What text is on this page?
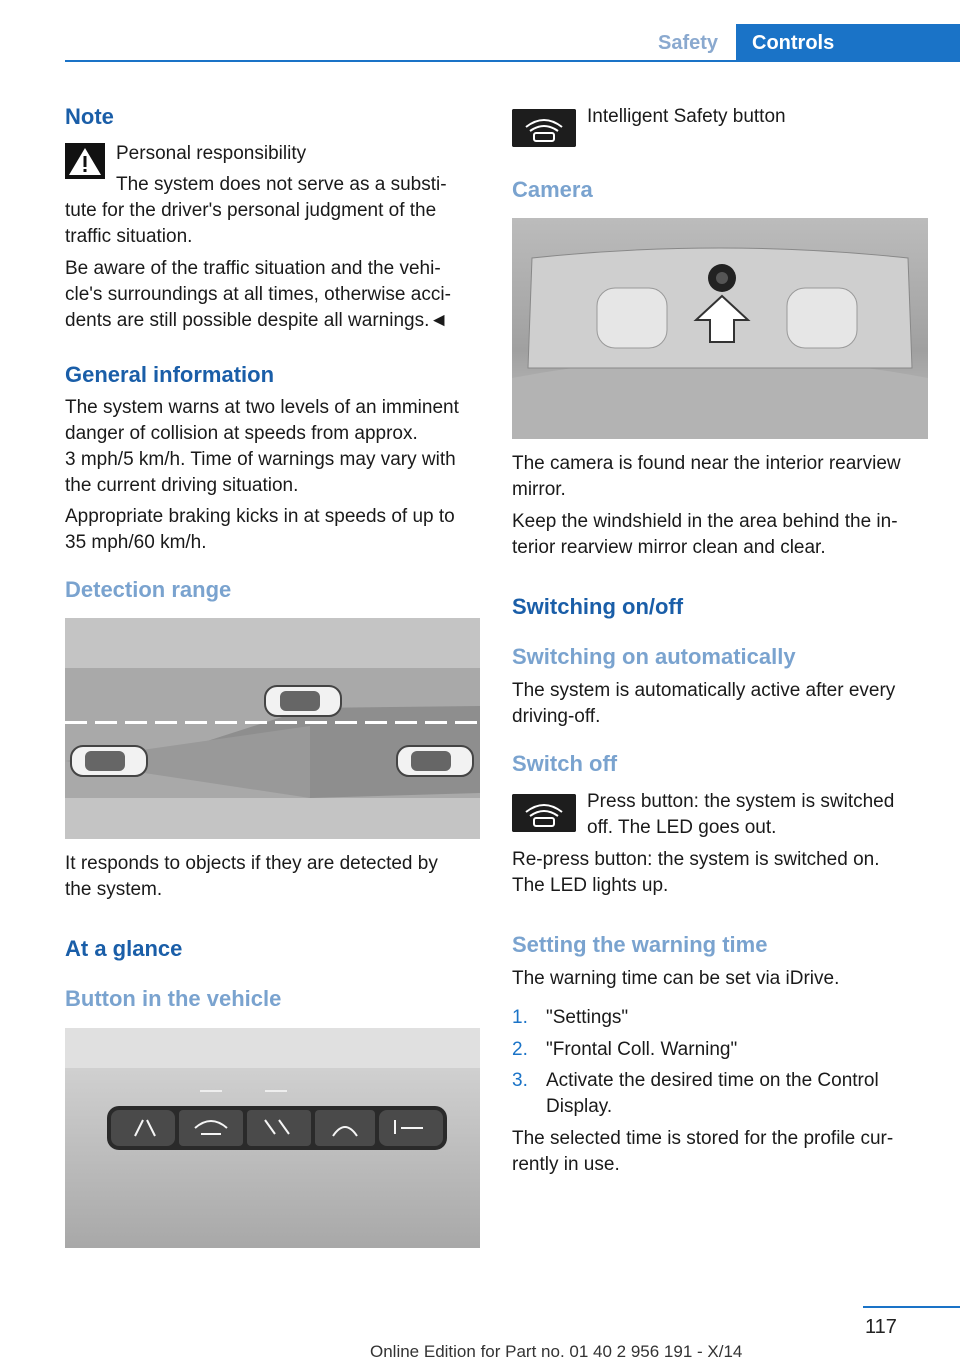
Safety	Controls
Note
Personal responsibility
The system does not serve as a substi-
tute for the driver's personal judgment of the
traffic situation.
Be aware of the traffic situation and the vehi-
cle's surroundings at all times, otherwise acci-
dents are still possible despite all warnings.◄
General information
The system warns at two levels of an imminent
danger of collision at speeds from approx.
3 mph/5 km/h. Time of warnings may vary with
the current driving situation.
Appropriate braking kicks in at speeds of up to
35 mph/60 km/h.
Detection range
It responds to objects if they are detected by
the system.
At a glance
Button in the vehicle
Intelligent Safety button
Camera
The camera is found near the interior rearview
mirror.
Keep the windshield in the area behind the in-
terior rearview mirror clean and clear.
Switching on/off
Switching on automatically
The system is automatically active after every
driving-off.
Switch off
Press button: the system is switched
off. The LED goes out.
Re-press button: the system is switched on.
The LED lights up.
Setting the warning time
The warning time can be set via iDrive.
1. "Settings"
2. "Frontal Coll. Warning"
3. Activate the desired time on the Control
Display.
The selected time is stored for the profile cur-
rently in use.
117
Online Edition for Part no. 01 40 2 956 191 - X/14
